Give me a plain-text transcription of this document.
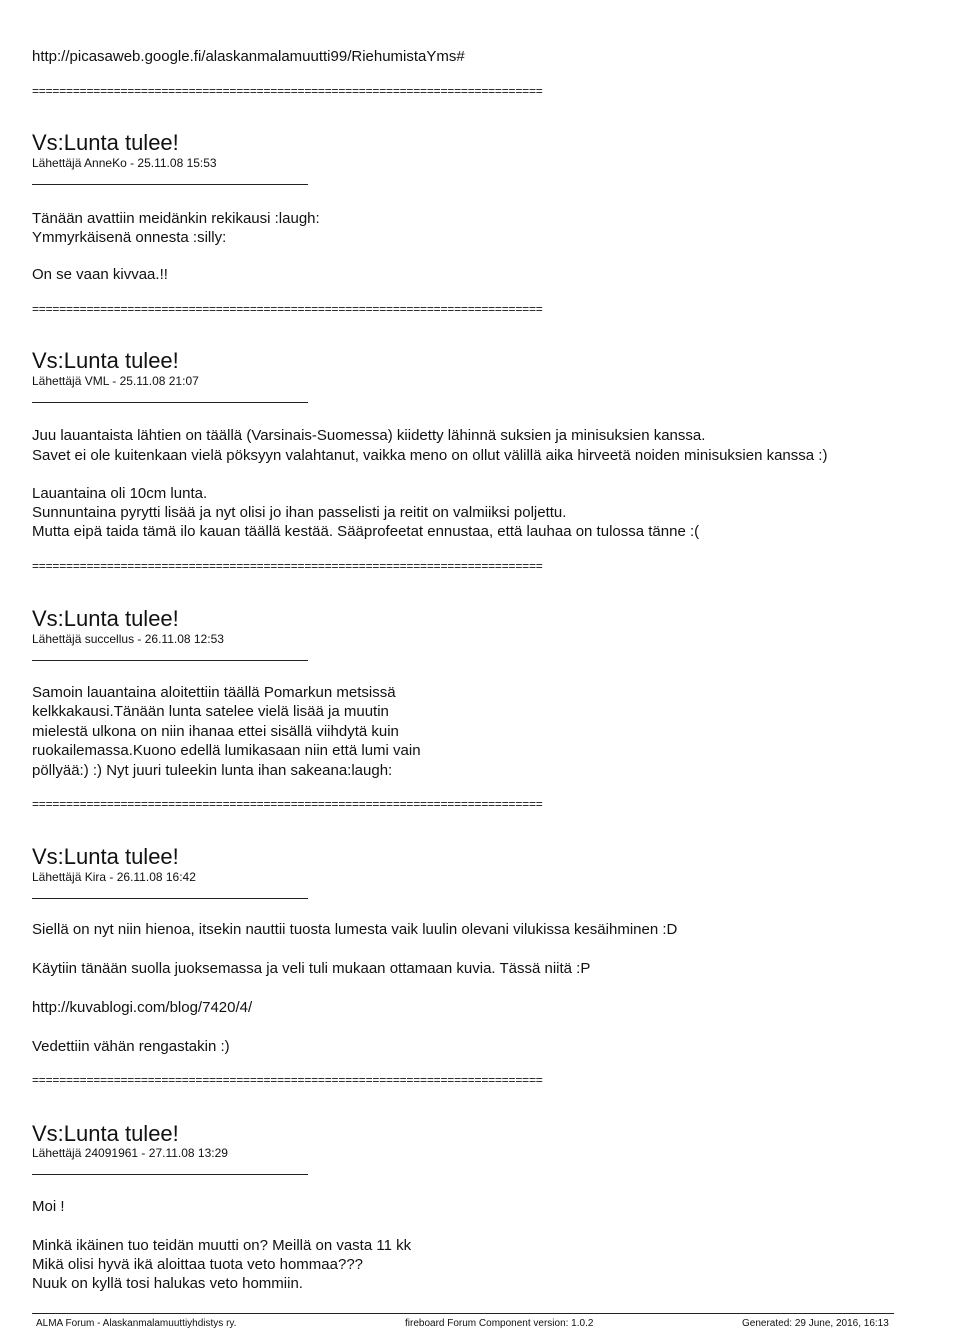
http://picasaweb.google.fi/alaskanmalamuutti99/RiehumistaYms#
===========================================================================
Vs:Lunta tulee!
Lähettäjä AnneKo - 25.11.08 15:53
Tänään avattiin meidänkin rekikausi :laugh:
Ymmyrkäisenä onnesta :silly:
On se vaan kivvaa.!!
===========================================================================
Vs:Lunta tulee!
Lähettäjä VML - 25.11.08 21:07
Juu lauantaista lähtien on täällä (Varsinais-Suomessa) kiidetty lähinnä suksien ja minisuksien kanssa.
Savet ei ole kuitenkaan vielä pöksyyn valahtanut, vaikka meno on ollut välillä aika hirveetä noiden minisuksien kanssa :)
Lauantaina oli 10cm lunta.
Sunnuntaina pyrytti lisää ja nyt olisi jo ihan passelisti ja reitit on valmiiksi poljettu.
Mutta eipä taida tämä ilo kauan täällä kestää. Sääprofeetat ennustaa, että lauhaa on tulossa tänne :(
===========================================================================
Vs:Lunta tulee!
Lähettäjä succellus - 26.11.08 12:53
Samoin lauantaina aloitettiin täällä Pomarkun metsissä
kelkkakausi.Tänään lunta satelee vielä lisää ja muutin
mielestä ulkona on niin ihanaa ettei sisällä viihdytä kuin
ruokailemassa.Kuono edellä lumikasaan niin että lumi vain
pöllyää:) :) Nyt juuri tuleekin lunta ihan sakeana:laugh:
===========================================================================
Vs:Lunta tulee!
Lähettäjä Kira - 26.11.08 16:42
Siellä on nyt niin hienoa, itsekin nauttii tuosta lumesta vaik luulin olevani vilukissa kesäihminen :D
Käytiin tänään suolla juoksemassa ja veli tuli mukaan ottamaan kuvia. Tässä niitä :P
http://kuvablogi.com/blog/7420/4/
Vedettiin vähän rengastakin :)
===========================================================================
Vs:Lunta tulee!
Lähettäjä 24091961 - 27.11.08 13:29
Moi !
Minkä ikäinen tuo teidän muutti on? Meillä on vasta 11 kk
Mikä olisi hyvä ikä aloittaa tuota veto hommaa???
Nuuk on kyllä tosi halukas veto hommiin.
ALMA Forum - Alaskanmalamuuttiyhdistys ry.	fireboard Forum Component version: 1.0.2	Generated: 29 June, 2016, 16:13
